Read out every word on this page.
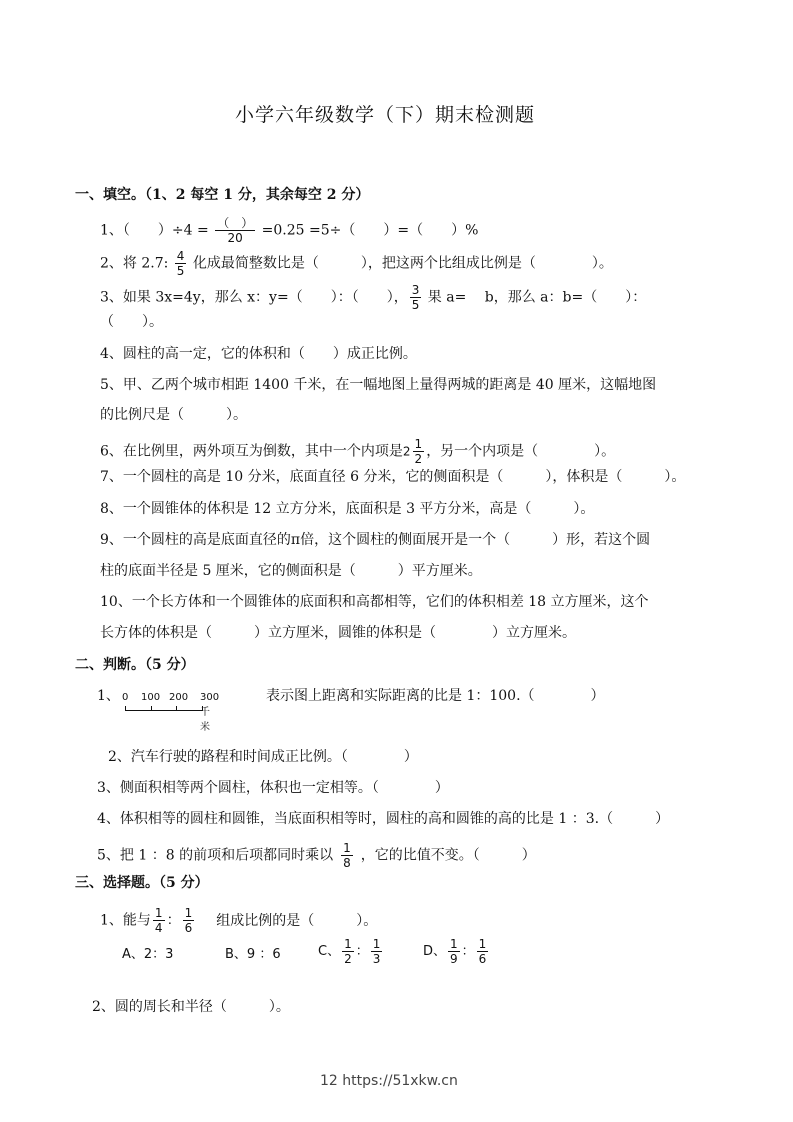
小学六年级数学（下）期末检测题
一、填空。（1、2 每空 1 分，其余每空 2 分）
1、（　　）$\div 4 = \frac{( )}{20} =0.25 =5\div$（　　）=（　　）%
2、将 2.7: $\frac{4}{5}$ 化成最简整数比是（　　　），把这两个比组成比例是（　　　　）。
3、如果 3x=4y，那么 x：y=（　　）：（　　）， $\frac{3}{5}$ 果 a=　 b，那么 a：b=（　　）：
（　　）。
4、圆柱的高一定，它的体积和（　　）成正比例。
5、甲、乙两个城市相距 1400 千米，在一幅地图上量得两城的距离是 40 厘米，这幅地图
的比例尺是（　　　）。
6、在比例里，两外项互为倒数，其中一个内项是$2 \frac{1}{2}$ ，另一个内项是（　　　　）。
7、一个圆柱的高是 10 分米，底面直径 6 分米，它的侧面积是（　　　），体积是（　　　）。
8、一个圆锥体的体积是 12 立方分米，底面积是 3 平方分米，高是（　　　）。
9、一个圆柱的高是底面直径的π倍，这个圆柱的侧面展开是一个（　　　）形，若这个圆
柱的底面半径是 5 厘米，它的侧面积是（　　　）平方厘米。
10、一个长方体和一个圆锥体的底面积和高都相等，它们的体积相差 18 立方厘米，这个
长方体的体积是（　　　）立方厘米，圆锥的体积是（　　　　）立方厘米。
二、判断。（5 分）
1、 0 100 200 300千米
表示图上距离和实际距离的比是 1：100.（　　　　）
2、汽车行驶的路程和时间成正比例。（　　　　）
3、侧面积相等两个圆柱，体积也一定相等。（　　　　）
4、体积相等的圆柱和圆锥，当底面积相等时，圆柱的高和圆锥的高的比是 1 ：3.（　　　）
5、把 1 ：8 的前项和后项都同时乘以 $\frac{1}{8}$ ，它的比值不变。（　　　）
三、选择题。（5 分）
1、能与 $\frac{1}{4}$ ： $\frac{1}{6}$ 组成比例的是（　　　）。
A、2：3	B、9 ：6	C、 $\frac{1}{2}$ ： $\frac{1}{3}$	D、 $\frac{1}{9}$ ： $\frac{1}{6}$
2、圆的周长和半径（　　　）。
12 https://51xkw.cn
